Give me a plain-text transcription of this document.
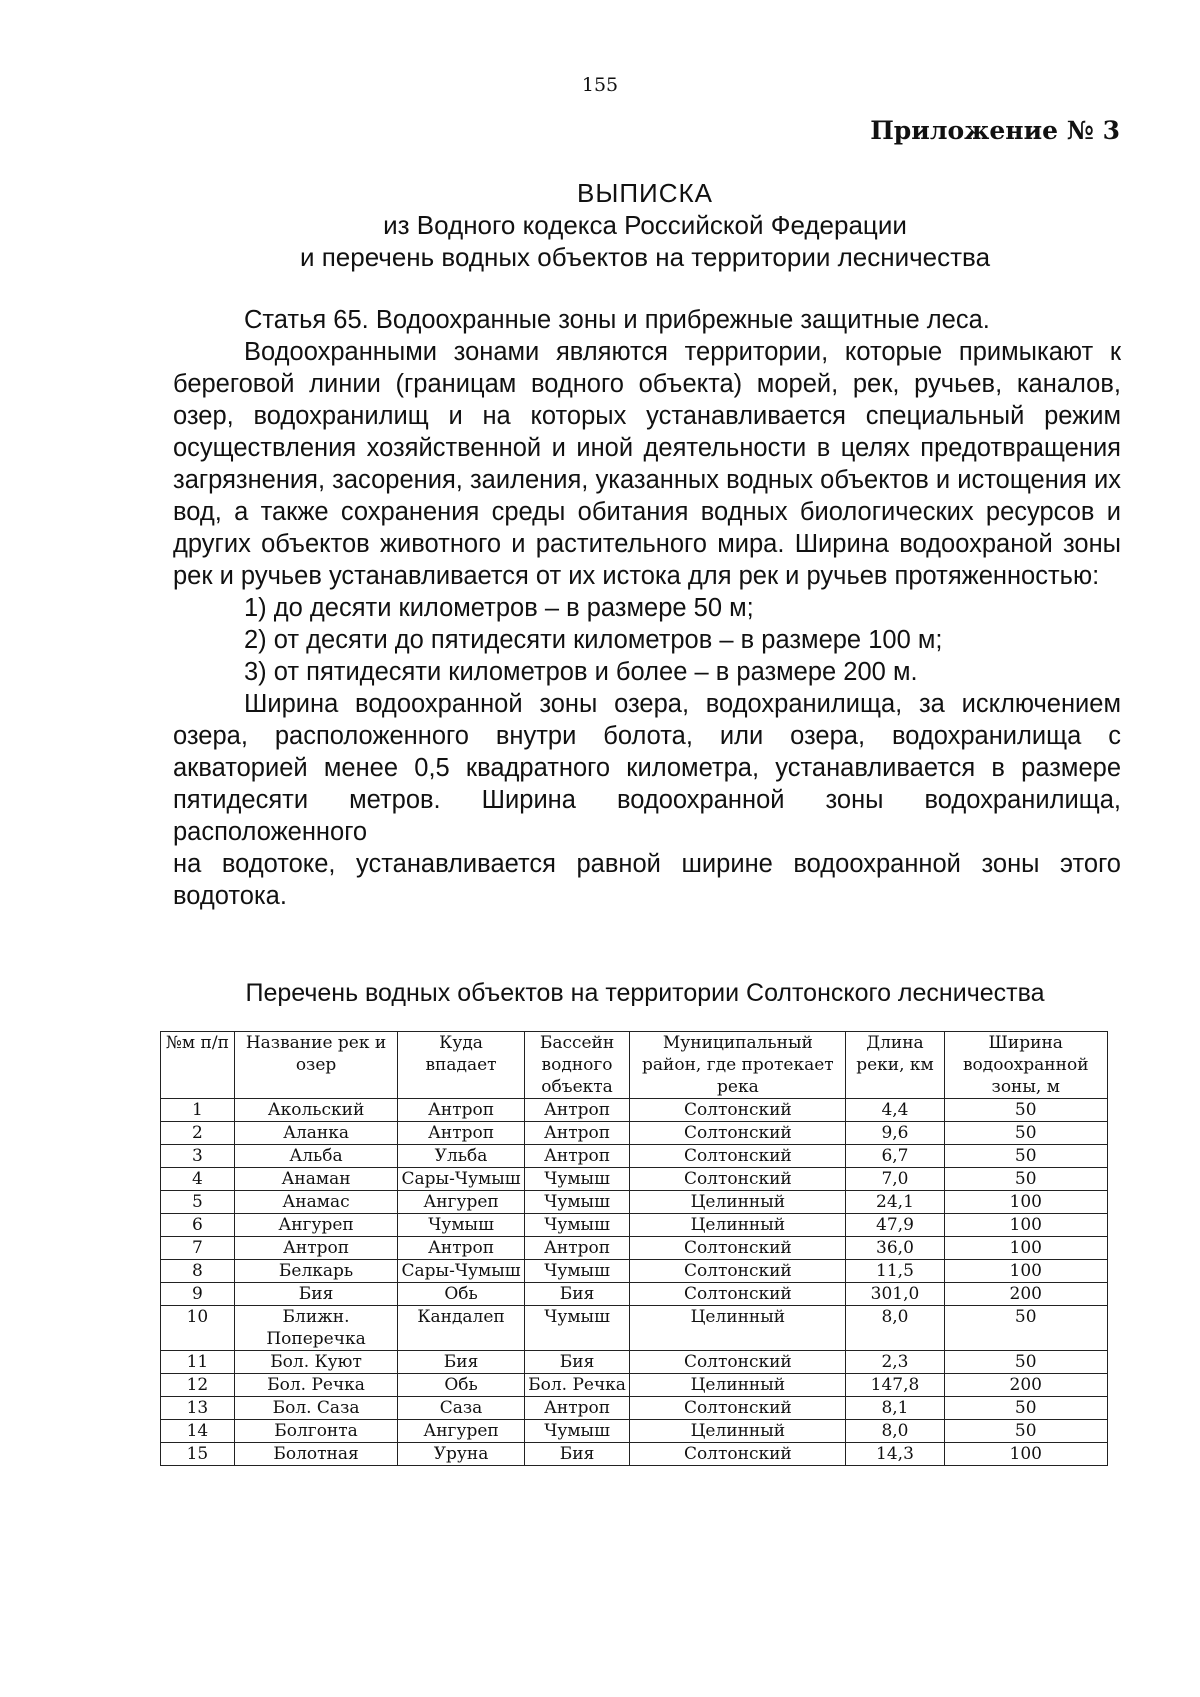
155
Приложение № 3
ВЫПИСКА
из Водного кодекса Российской Федерации
и перечень водных объектов на территории лесничества

Статья 65. Водоохранные зоны и прибрежные защитные леса.

Водоохранными зонами являются территории, которые примыкают к береговой линии (границам водного объекта) морей, рек, ручьев, каналов, озер, водохранилищ и на которых устанавливается специальный режим осуществления хозяйственной и иной деятельности в целях предотвращения загрязнения, засорения, заиления, указанных водных объектов и истощения их вод, а также сохранения среды обитания водных биологических ресурсов и других объектов животного и растительного мира. Ширина водоохраной зоны рек и ручьев устанавливается от их истока для рек и ручьев протяженностью:

1) до десяти километров – в размере 50 м;

2) от десяти до пятидесяти километров – в размере 100 м;

3) от пятидесяти километров и более – в размере 200 м.

Ширина водоохранной зоны озера, водохранилища, за исключением озера, расположенного внутри болота, или озера, водохранилища с акваторией менее 0,5 квадратного километра, устанавливается в размере пятидесяти метров. Ширина водоохранной зоны водохранилища, расположенного

на водотоке, устанавливается равной ширине водоохранной зоны этого водотока.

Перечень водных объектов на территории Солтонского лесничества
№м п/п	Название рек и озер	Куда впадает	Бассейн водного объекта	Муниципальный район, где протекает река	Длина реки, км	Ширина водоохранной зоны, м
1	Акольский	Антроп	Антроп	Солтонский	4,4	50
2	Аланка	Антроп	Антроп	Солтонский	9,6	50
3	Альба	Ульба	Антроп	Солтонский	6,7	50
4	Анаман	Сары-Чумыш	Чумыш	Солтонский	7,0	50
5	Анамас	Ангуреп	Чумыш	Целинный	24,1	100
6	Ангуреп	Чумыш	Чумыш	Целинный	47,9	100
7	Антроп	Антроп	Антроп	Солтонский	36,0	100
8	Белкарь	Сары-Чумыш	Чумыш	Солтонский	11,5	100
9	Бия	Обь	Бия	Солтонский	301,0	200
10	Ближн. Поперечка	Кандалеп	Чумыш	Целинный	8,0	50
11	Бол. Куют	Бия	Бия	Солтонский	2,3	50
12	Бол. Речка	Обь	Бол. Речка	Целинный	147,8	200
13	Бол. Саза	Саза	Антроп	Солтонский	8,1	50
14	Болгонта	Ангуреп	Чумыш	Целинный	8,0	50
15	Болотная	Уруна	Бия	Солтонский	14,3	100
